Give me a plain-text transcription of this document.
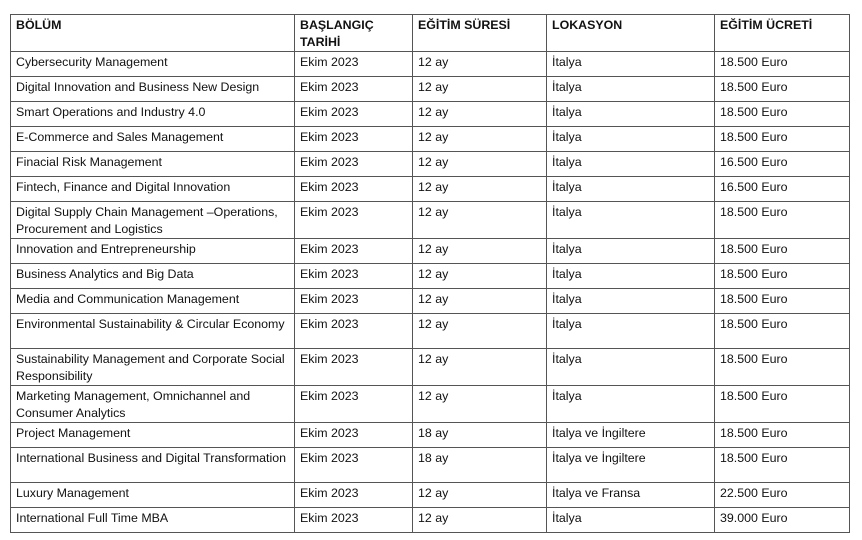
BÖLÜM	BAŞLANGIÇ TARİHİ	EĞİTİM SÜRESİ	LOKASYON	EĞİTİM ÜCRETİ
Cybersecurity Management	Ekim 2023	12 ay	İtalya	18.500 Euro
Digital Innovation and Business New Design	Ekim 2023	12 ay	İtalya	18.500 Euro
Smart Operations and Industry 4.0	Ekim 2023	12 ay	İtalya	18.500 Euro
E-Commerce and Sales Management	Ekim 2023	12 ay	İtalya	18.500 Euro
Finacial Risk Management	Ekim 2023	12 ay	İtalya	16.500 Euro
Fintech, Finance and Digital Innovation	Ekim 2023	12 ay	İtalya	16.500 Euro
Digital Supply Chain Management –Operations, Procurement and Logistics	Ekim 2023	12 ay	İtalya	18.500 Euro
Innovation and Entrepreneurship	Ekim 2023	12 ay	İtalya	18.500 Euro
Business Analytics and Big Data	Ekim 2023	12 ay	İtalya	18.500 Euro
Media and Communication Management	Ekim 2023	12 ay	İtalya	18.500 Euro
Environmental Sustainability & Circular Economy	Ekim 2023	12 ay	İtalya	18.500 Euro
Sustainability Management and Corporate Social Responsibility	Ekim 2023	12 ay	İtalya	18.500 Euro
Marketing Management, Omnichannel and Consumer Analytics	Ekim 2023	12 ay	İtalya	18.500 Euro
Project Management	Ekim 2023	18 ay	İtalya ve İngiltere	18.500 Euro
International Business and Digital Transformation	Ekim 2023	18 ay	İtalya ve İngiltere	18.500 Euro
Luxury Management	Ekim 2023	12 ay	İtalya ve Fransa	22.500 Euro
International Full Time MBA	Ekim 2023	12 ay	İtalya	39.000 Euro
